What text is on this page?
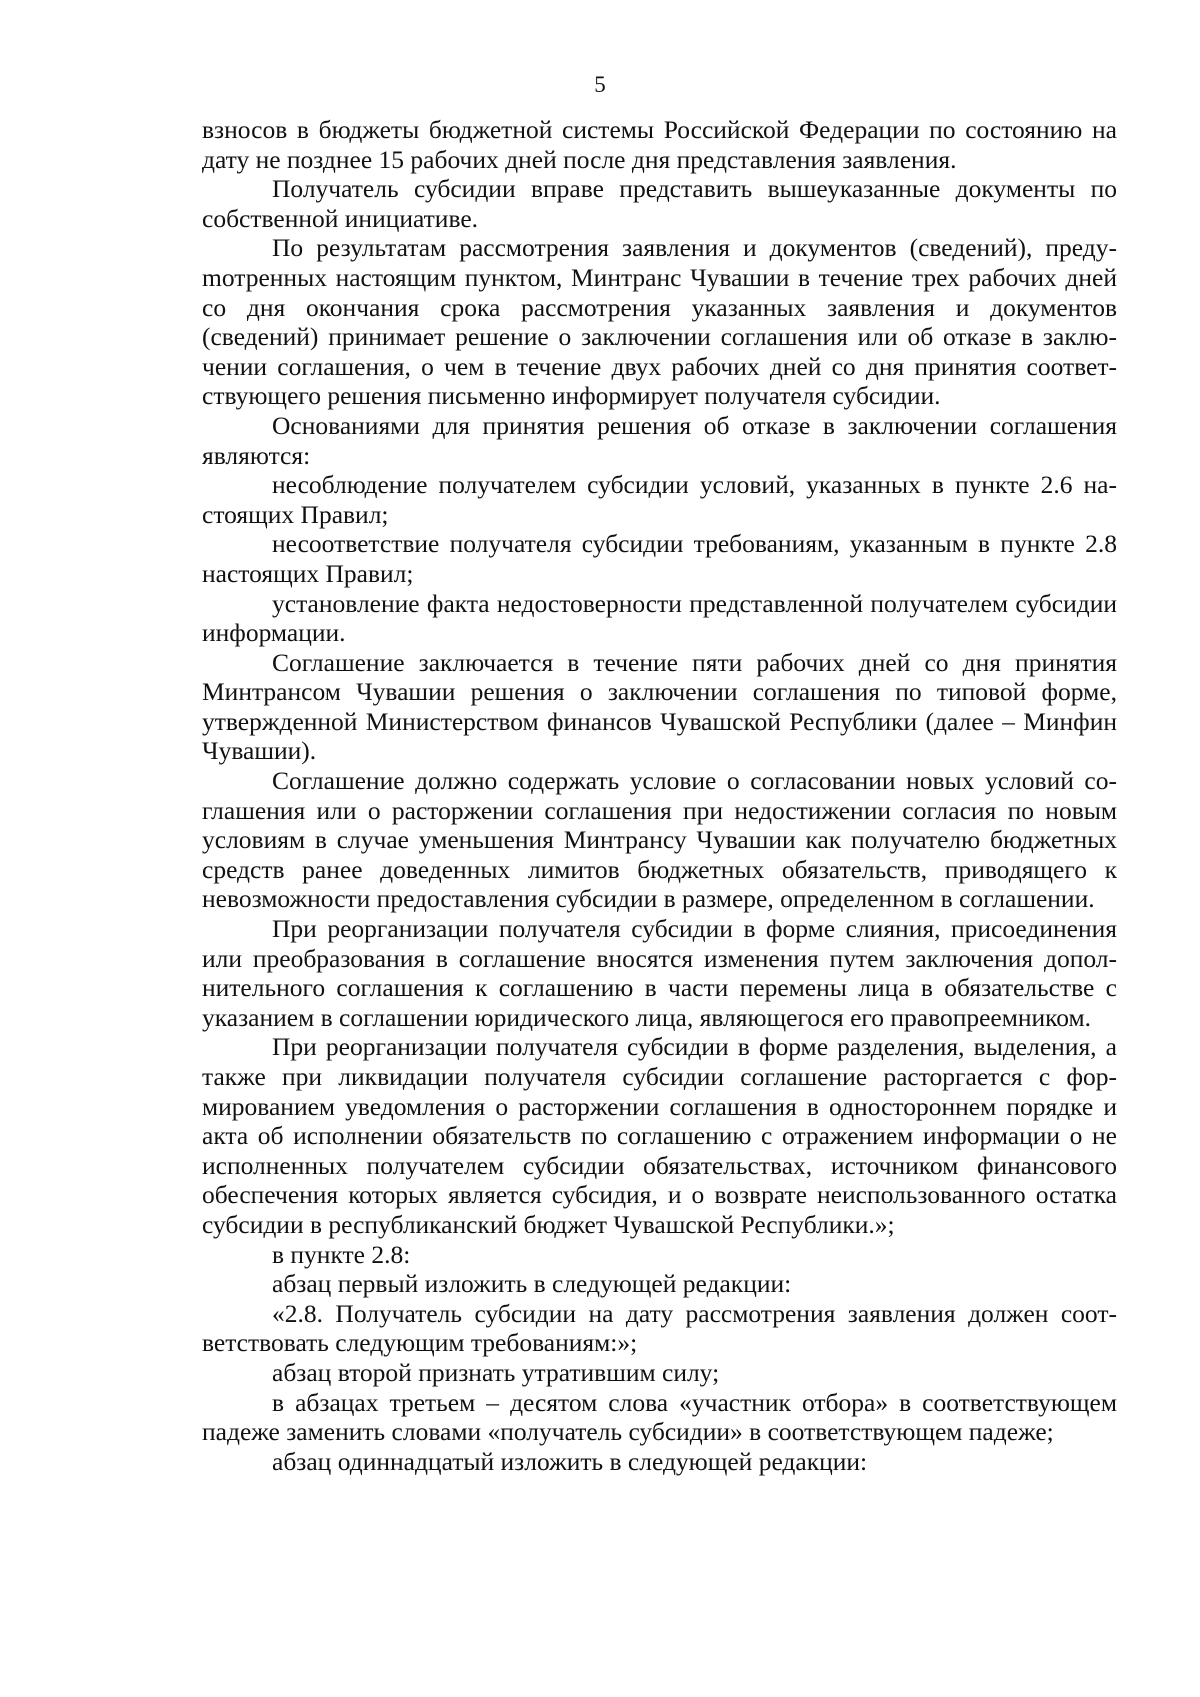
5

взносов в бюджеты бюджетной системы Российской Федерации по состоянию на дату не позднее 15 рабочих дней после дня представления заявления.

Получатель субсидии вправе представить вышеуказанные документы по собственной инициативе.

По результатам рассмотрения заявления и документов (сведений), предуmотренных настоящим пунктом, Минтранс Чувашии в течение трех рабочих дней со дня окончания срока рассмотрения указанных заявления и документов (сведений) принимает решение о заключении соглашения или об отказе в заключении соглашения, о чем в течение двух рабочих дней со дня принятия соответствующего решения письменно информирует получателя субсидии.

Основаниями для принятия решения об отказе в заключении соглашения являются:

несоблюдение получателем субсидии условий, указанных в пункте 2.6 настоящих Правил;

несоответствие получателя субсидии требованиям, указанным в пункте 2.8 настоящих Правил;

установление факта недостоверности представленной получателем субсидии информации.

Соглашение заключается в течение пяти рабочих дней со дня принятия Минтрансом Чувашии решения о заключении соглашения по типовой форме, утвержденной Министерством финансов Чувашской Республики (далее – Минфин Чувашии).

Соглашение должно содержать условие о согласовании новых условий соглашения или о расторжении соглашения при недостижении согласия по новым условиям в случае уменьшения Минтрансу Чувашии как получателю бюджетных средств ранее доведенных лимитов бюджетных обязательств, приводящего к невозможности предоставления субсидии в размере, определенном в соглашении.

При реорганизации получателя субсидии в форме слияния, присоединения или преобразования в соглашение вносятся изменения путем заключения дополнительного соглашения к соглашению в части перемены лица в обязательстве с указанием в соглашении юридического лица, являющегося его правопреемником.

При реорганизации получателя субсидии в форме разделения, выделения, а также при ликвидации получателя субсидии соглашение расторгается с формированием уведомления о расторжении соглашения в одностороннем порядке и акта об исполнении обязательств по соглашению с отражением информации о не исполненных получателем субсидии обязательствах, источником финансового обеспечения которых является субсидия, и о возврате неиспользованного остатка субсидии в республиканский бюджет Чувашской Республики.»;

в пункте 2.8:

абзац первый изложить в следующей редакции:

«2.8. Получатель субсидии на дату рассмотрения заявления должен соответствовать следующим требованиям:»;

абзац второй признать утратившим силу;

в абзацах третьем – десятом слова «участник отбора» в соответствующем падеже заменить словами «получатель субсидии» в соответствующем падеже;

абзац одиннадцатый изложить в следующей редакции:
